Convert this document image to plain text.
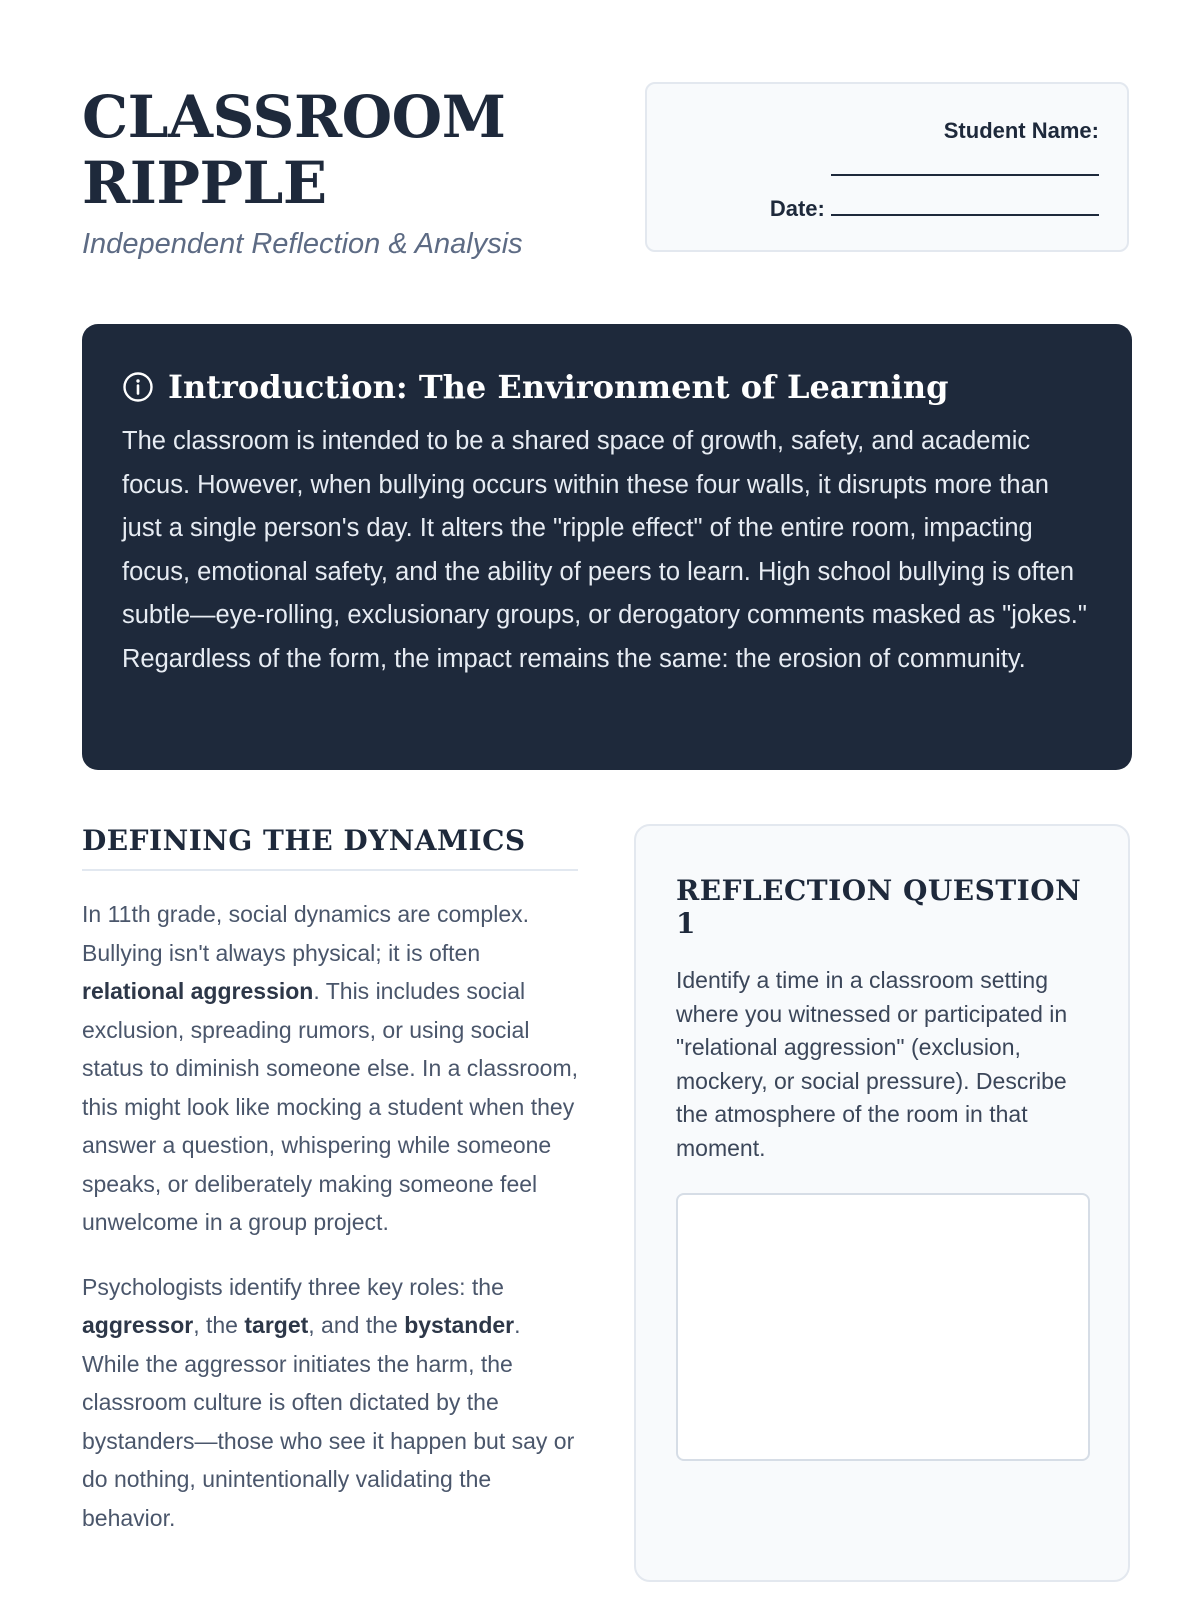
CLASSROOM
RIPPLE

Independent Reflection & Analysis

Student Name:
Date:
Introduction: The Environment of Learning

The classroom is intended to be a shared space of growth, safety, and academic focus. However, when bullying occurs within these four walls, it disrupts more than just a single person's day. It alters the "ripple effect" of the entire room, impacting focus, emotional safety, and the ability of peers to learn. High school bullying is often subtle—eye-rolling, exclusionary groups, or derogatory comments masked as "jokes." Regardless of the form, the impact remains the same: the erosion of community.

DEFINING THE DYNAMICS

In 11th grade, social dynamics are complex. Bullying isn't always physical; it is often relational aggression. This includes social exclusion, spreading rumors, or using social status to diminish someone else. In a classroom, this might look like mocking a student when they answer a question, whispering while someone speaks, or deliberately making someone feel unwelcome in a group project.

Psychologists identify three key roles: the aggressor, the target, and the bystander. While the aggressor initiates the harm, the classroom culture is often dictated by the bystanders—those who see it happen but say or do nothing, unintentionally validating the behavior.

REFLECTION QUESTION 1

Identify a time in a classroom setting where you witnessed or participated in "relational aggression" (exclusion, mockery, or social pressure). Describe the atmosphere of the room in that moment.
